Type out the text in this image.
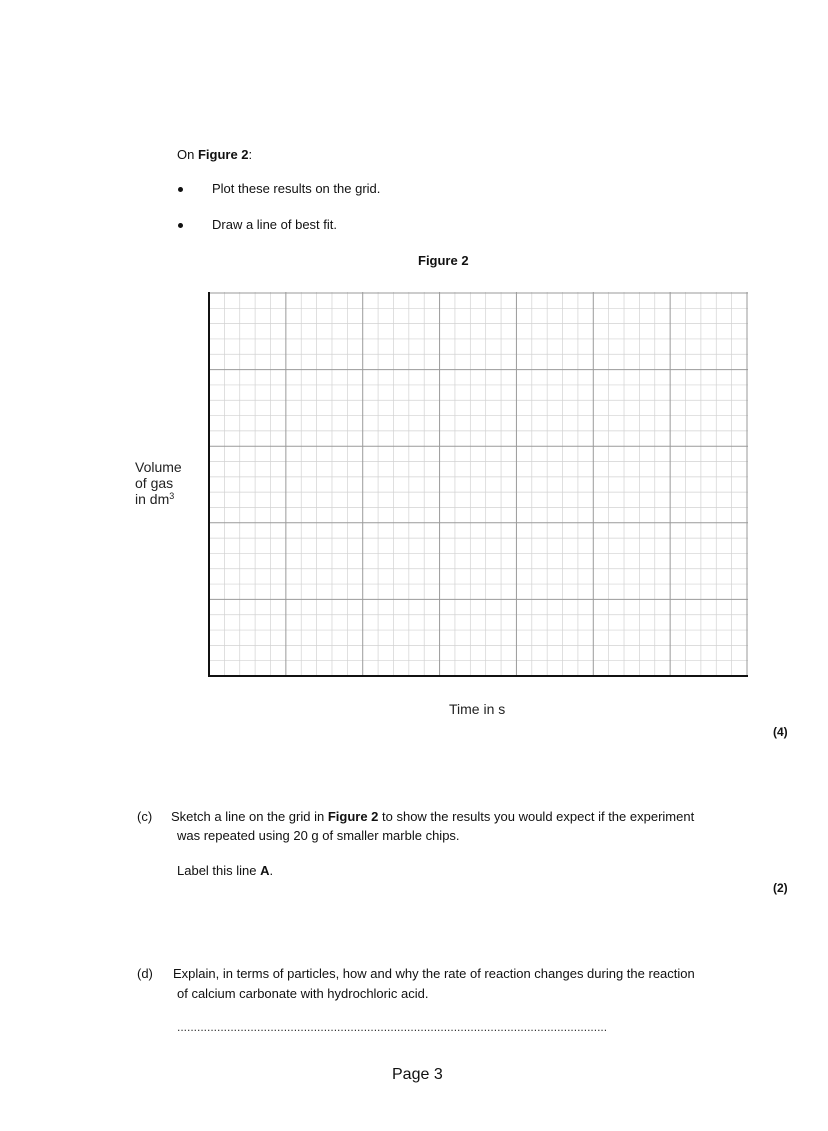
On Figure 2:
Plot these results on the grid.
Draw a line of best fit.
Figure 2
Volume
of gas
in $dm^3$
Time in s
(4)
(c) Sketch a line on the grid in Figure 2 to show the results you would expect if the experiment
was repeated using 20 g of smaller marble chips.
Label this line A.
(2)
(d) Explain, in terms of particles, how and why the rate of reaction changes during the reaction
of calcium carbonate with hydrochloric acid.
.................................................................................................................................
Page 3
